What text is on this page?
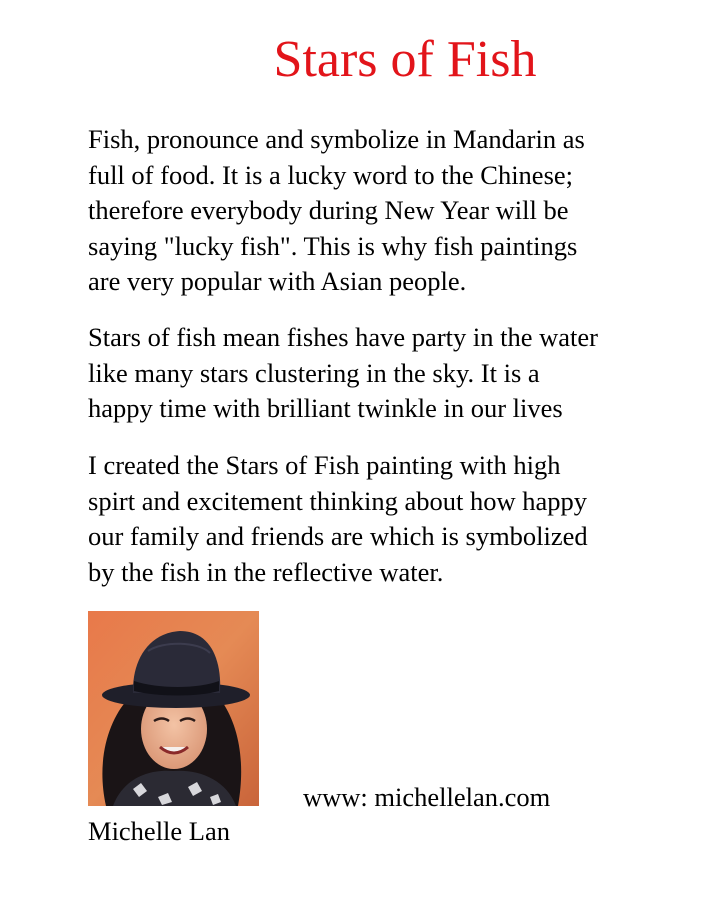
Stars of Fish

Fish, pronounce and symbolize in Mandarin as
full of food. It is a lucky word to the Chinese;
therefore everybody during New Year will be
saying "lucky fish". This is why fish paintings
are very popular with Asian people.

Stars of fish mean fishes have party in the water
like many stars clustering in the sky. It is a
happy time with brilliant twinkle in our lives

I created the Stars of Fish painting with high
spirt and excitement thinking about how happy
our family and friends are which is symbolized
by the fish in the reflective water.

www: michellelan.com
Michelle Lan
